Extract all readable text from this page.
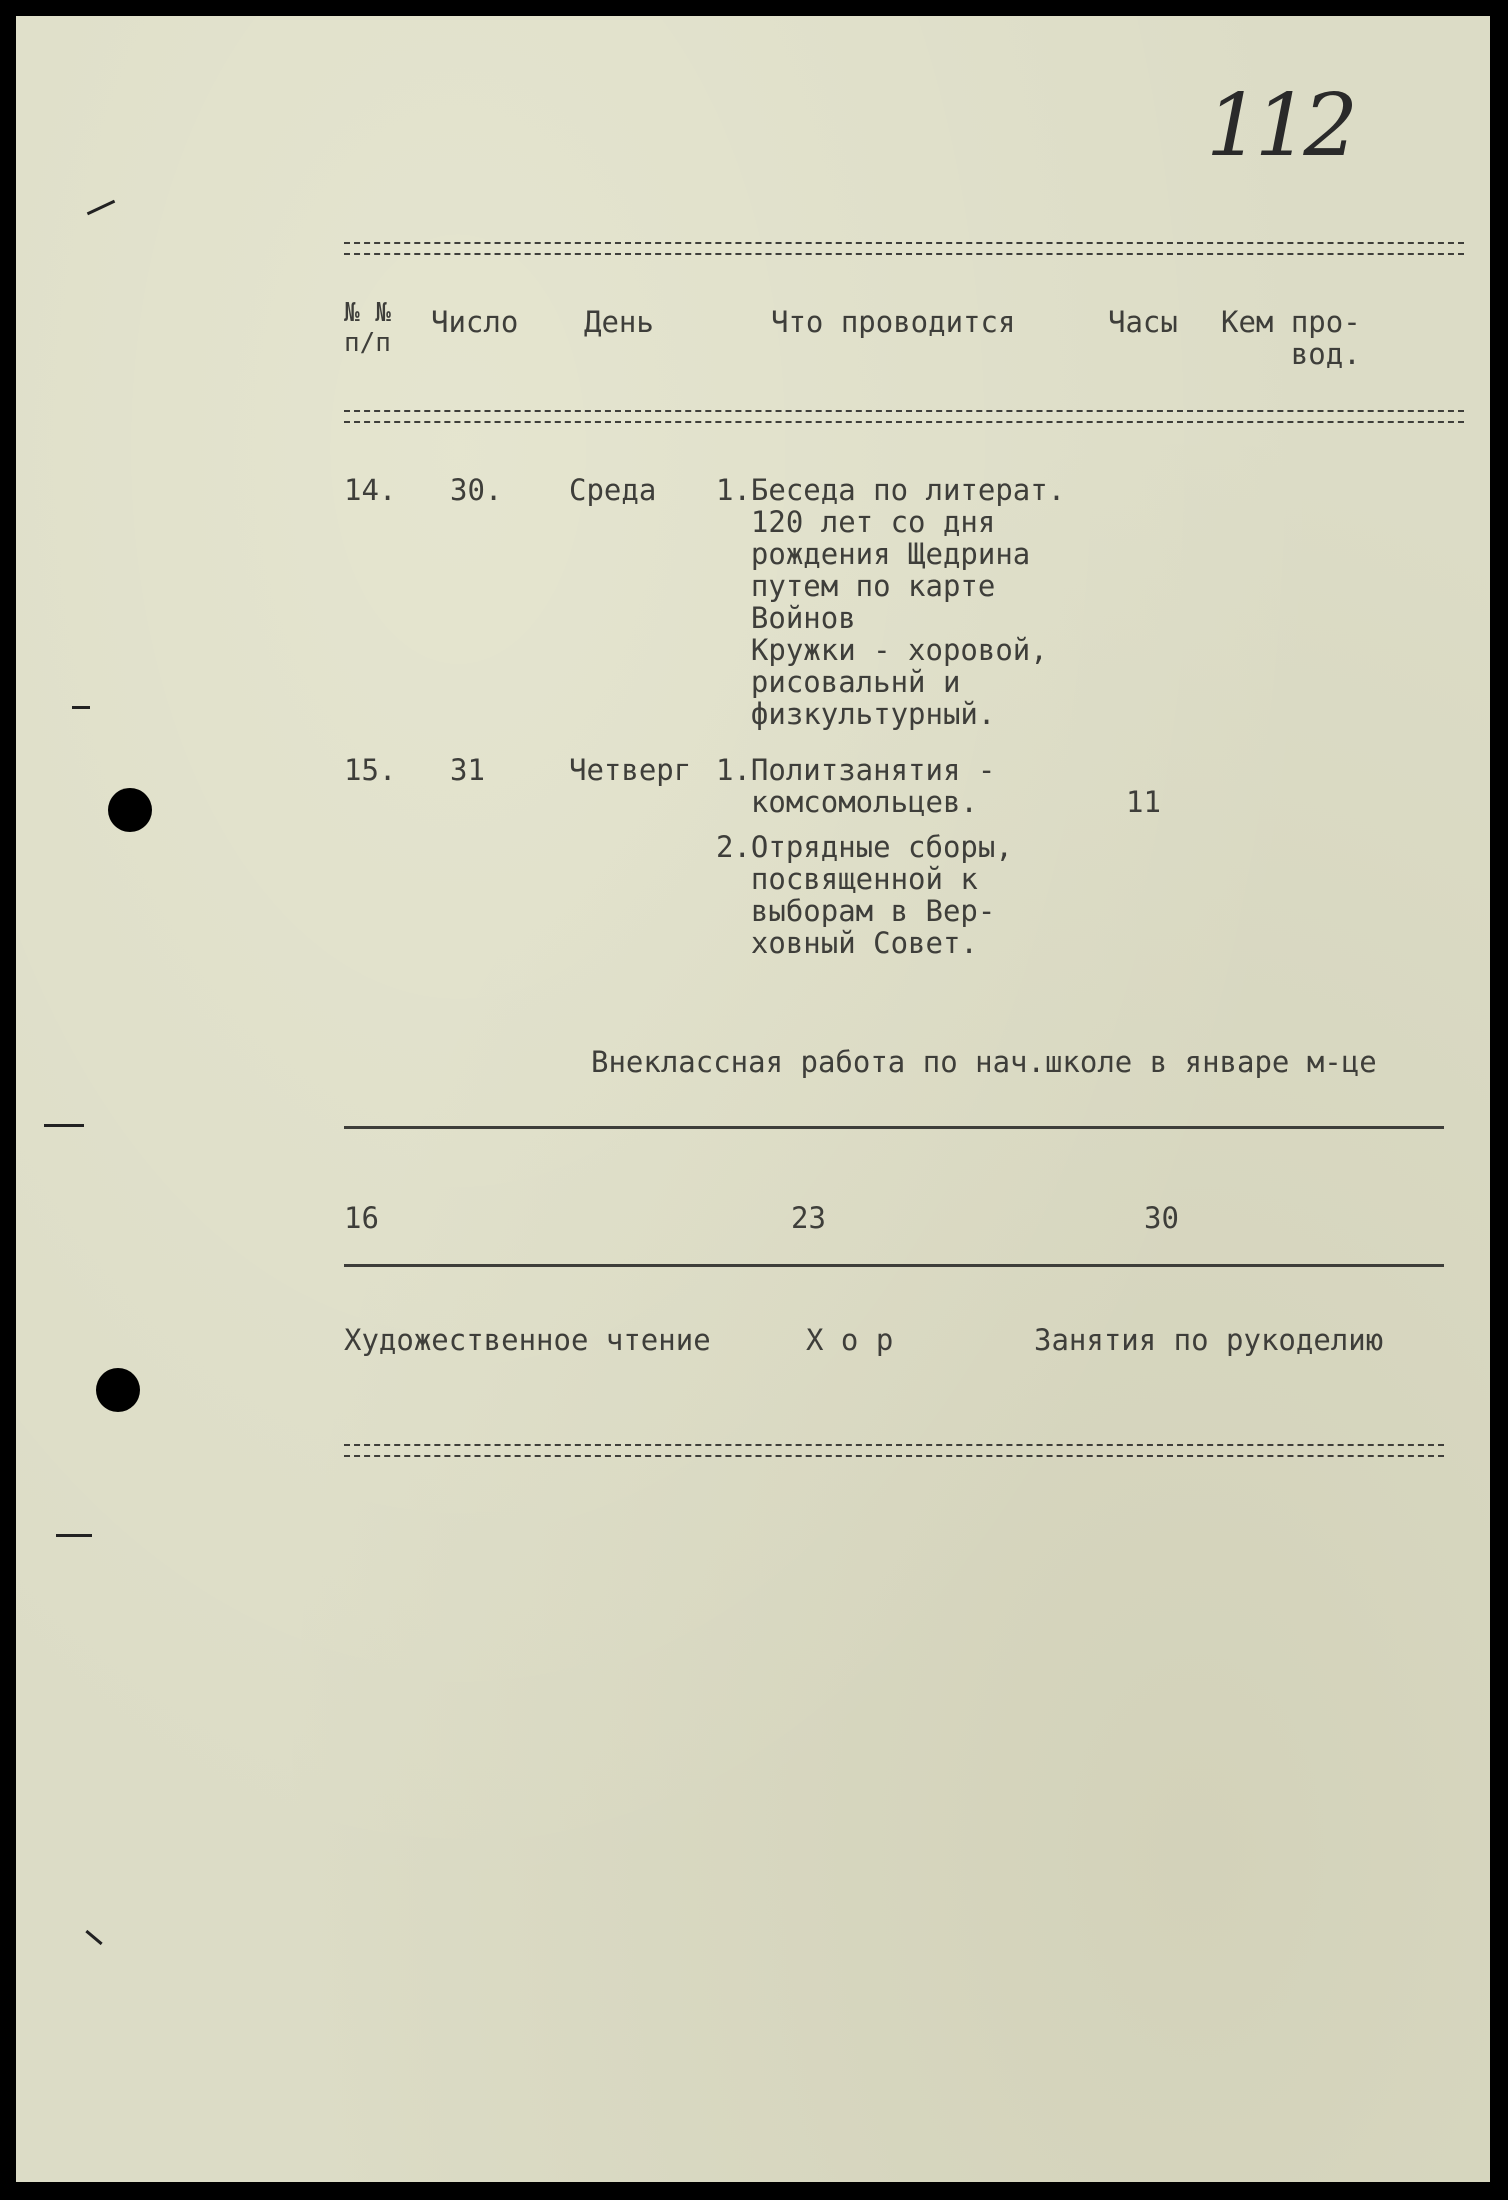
112
№ №
п/п
Число День	Что проводится	Часы Кем про-
вод.
14. 30. Среда 1.Беседа по литерат.
120 лет со дня
рождения Щедрина
путем по карте
Войнов
Кружки - хоровой,
рисовальнй и
физкультурный.
15. 31	Четверг 1.Политзанятия -
комсомольцев.	11
2.Отрядные сборы,
посвященной к
выборам в Вер-
ховный Совет.
Внеклассная работа по нач.школе в январе м-це
16	23	30
Художественное чтение	Х о р	Занятия по рукоделию
